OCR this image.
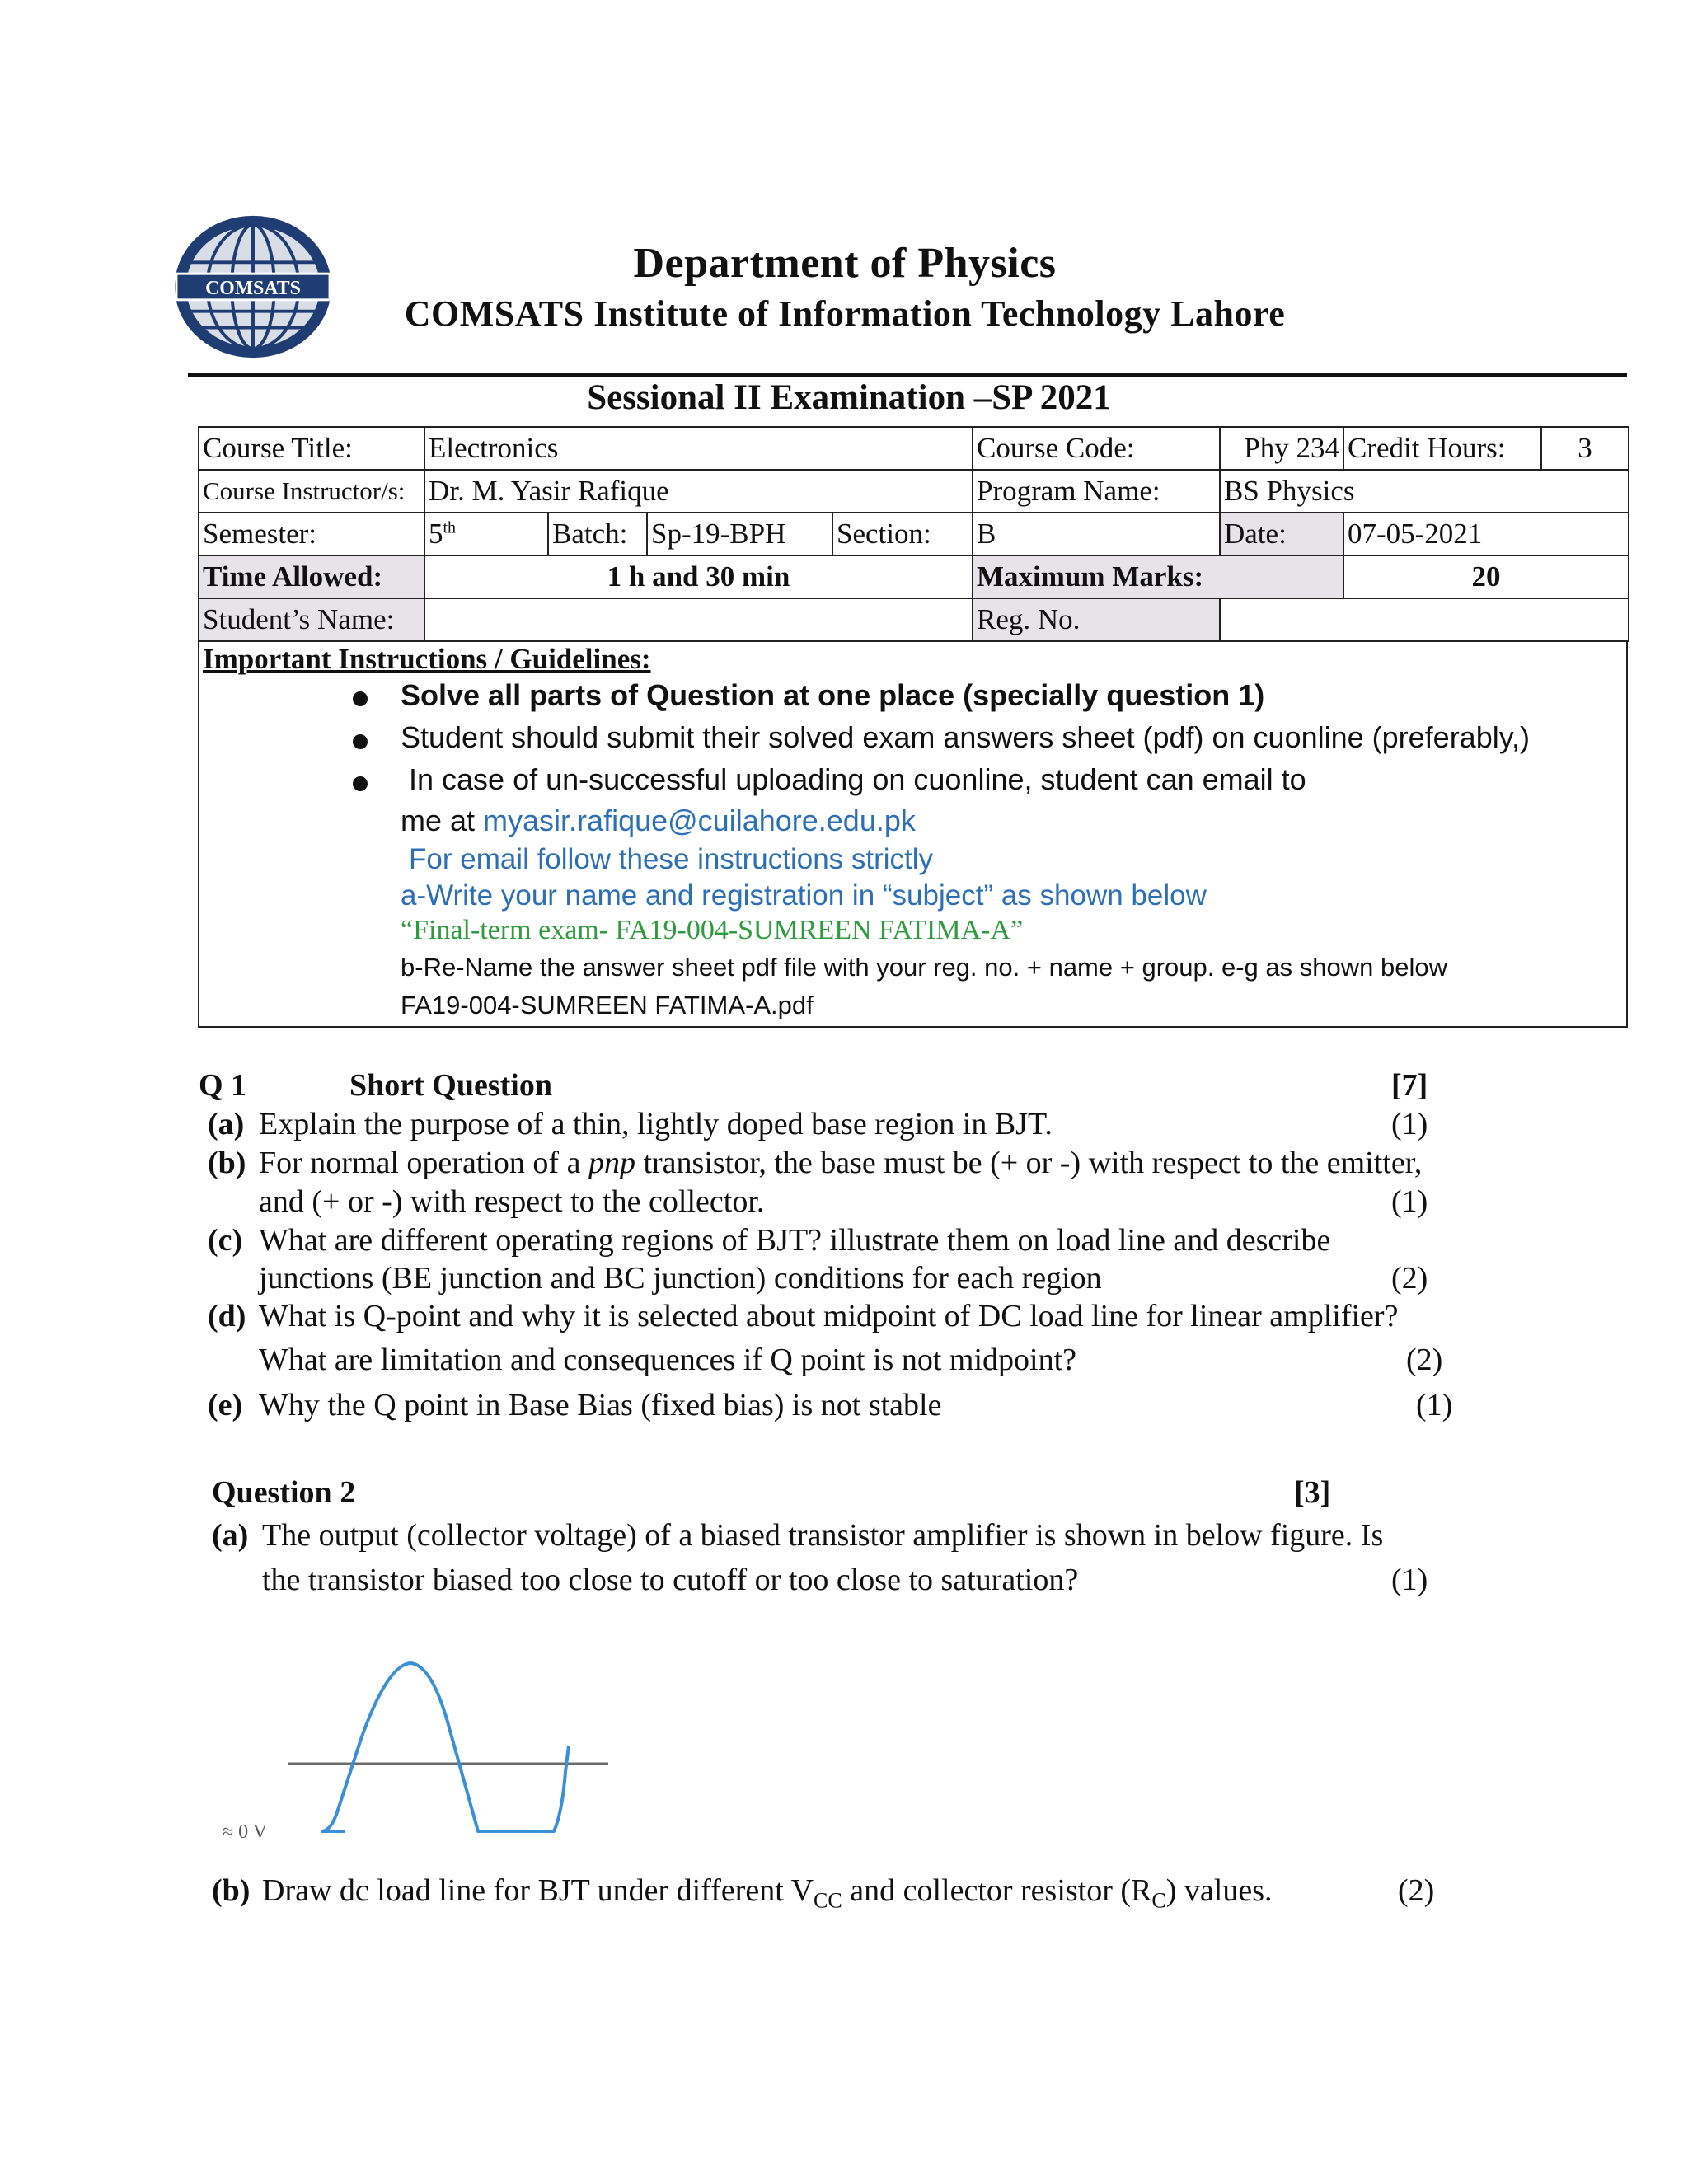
COMSATS
Department of Physics
COMSATS Institute of Information Technology Lahore
Sessional II Examination –SP 2021
Course Title:	Electronics				Course Code:	Phy 234	Credit Hours:	3
Course Instructor/s:	Dr. M. Yasir Rafique				Program Name:	BS Physics		
Semester:	5th	Batch:	Sp-19-BPH	Section:	B	Date:	07-05-2021	
Time Allowed:	1 h and 30 min				Maximum Marks:		20	
Student’s Name:					Reg. No.			
Important Instructions / Guidelines:
Solve all parts of Question at one place (specially question 1)
Student should submit their solved exam answers sheet (pdf) on cuonline (preferably,)
In case of un-successful uploading on cuonline, student can email to
me at myasir.rafique@cuilahore.edu.pk
For email follow these instructions strictly
a-Write your name and registration in “subject” as shown below
“Final-term exam- FA19-004-SUMREEN FATIMA-A”
b-Re-Name the answer sheet pdf file with your reg. no. + name + group. e-g as shown below
FA19-004-SUMREEN FATIMA-A.pdf
Q 1	Short Question	[7]
(a) Explain the purpose of a thin, lightly doped base region in BJT.	(1)
(b) For normal operation of a pnp transistor, the base must be (+ or -) with respect to the emitter,
and (+ or -) with respect to the collector.	(1)
(c) What are different operating regions of BJT? illustrate them on load line and describe
junctions (BE junction and BC junction) conditions for each region	(2)
(d) What is Q-point and why it is selected about midpoint of DC load line for linear amplifier?
What are limitation and consequences if Q point is not midpoint?	(2)
(e) Why the Q point in Base Bias (fixed bias) is not stable	(1)
Question 2	[3]
(a) The output (collector voltage) of a biased transistor amplifier is shown in below figure. Is
the transistor biased too close to cutoff or too close to saturation?	(1)
≈ 0 V
(b) Draw dc load line for BJT under different $V_{CC}$ and collector resistor $(R_C)$ values.	(2)
